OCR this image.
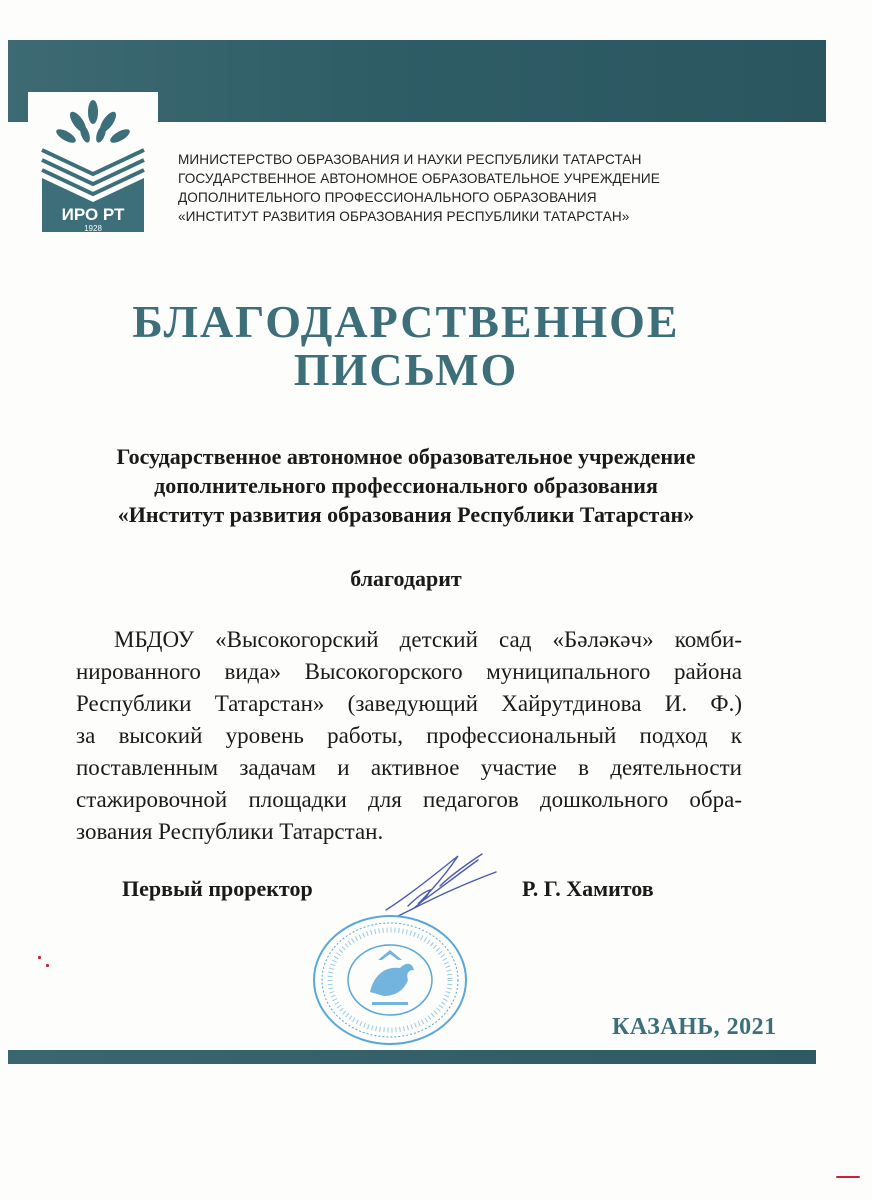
ИРО РТ
1928
МИНИСТЕРСТВО ОБРАЗОВАНИЯ И НАУКИ РЕСПУБЛИКИ ТАТАРСТАН
ГОСУДАРСТВЕННОЕ АВТОНОМНОЕ ОБРАЗОВАТЕЛЬНОЕ УЧРЕЖДЕНИЕ
ДОПОЛНИТЕЛЬНОГО ПРОФЕССИОНАЛЬНОГО ОБРАЗОВАНИЯ
«ИНСТИТУТ РАЗВИТИЯ ОБРАЗОВАНИЯ РЕСПУБЛИКИ ТАТАРСТАН»
БЛАГОДАРСТВЕННОЕ
ПИСЬМО
Государственное автономное образовательное учреждение
дополнительного профессионального образования
«Институт развития образования Республики Татарстан»
благодарит
МБДОУ «Высокогорский детский сад «Бәләкәч» комби-
нированного вида» Высокогорского муниципального района
Республики Татарстан» (заведующий Хайрутдинова И. Ф.)
за высокий уровень работы, профессиональный подход к
поставленным задачам и активное участие в деятельности
стажировочной площадки для педагогов дошкольного обра-
зования Республики Татарстан.
Первый проректор	Р. Г. Хамитов
КАЗАНЬ, 2021
